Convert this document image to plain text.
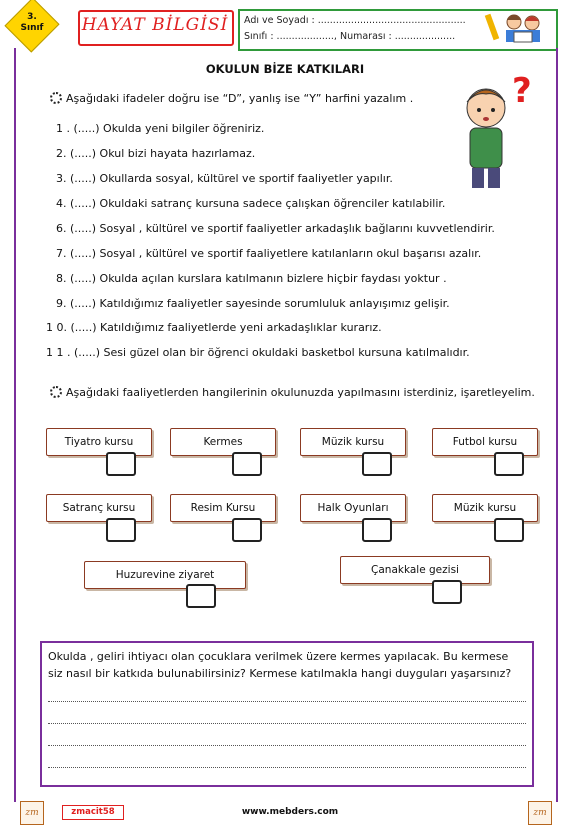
3.
Sınıf	HAYAT BİLGİSİ Adı ve Soyadı : .................................................
Sınıfı : ..................., Numarası : ....................
OKULUN BİZE KATKILARI
?
Aşağıdaki ifadeler doğru ise “D”, yanlış ise “Y” harfini yazalım .
1 . (.....) Okulda yeni bilgiler öğreniriz.
2. (.....) Okul bizi hayata hazırlamaz.
3. (.....) Okullarda sosyal, kültürel ve sportif faaliyetler yapılır.
4. (.....) Okuldaki satranç kursuna sadece çalışkan öğrenciler katılabilir.
6. (.....) Sosyal , kültürel ve sportif faaliyetler arkadaşlık bağlarını kuvvetlendirir.
7. (.....) Sosyal , kültürel ve sportif faaliyetlere katılanların okul başarısı azalır.
8. (.....) Okulda açılan kurslara katılmanın bizlere hiçbir faydası yoktur .
9. (.....) Katıldığımız faaliyetler sayesinde sorumluluk anlayışımız gelişir.
1 0. (.....) Katıldığımız faaliyetlerde yeni arkadaşlıklar kurarız.
1 1 . (.....) Sesi güzel olan bir öğrenci okuldaki basketbol kursuna katılmalıdır.
Aşağıdaki faaliyetlerden hangilerinin okulunuzda yapılmasını isterdiniz, işaretleyelim.
Tiyatro kursu	Kermes	Müzik kursu	Futbol kursu
Satranç kursu	Resim Kursu	Halk Oyunları	Müzik kursu
Huzurevine ziyaret	Çanakkale gezisi
Okulda , geliri ihtiyacı olan çocuklara verilmek üzere kermes yapılacak. Bu kermese siz nasıl bir katkıda bulunabilirsiniz? Kermese katılmakla hangi duyguları yaşarsınız?
zm	zmacit58	www.mebders.com	zm
